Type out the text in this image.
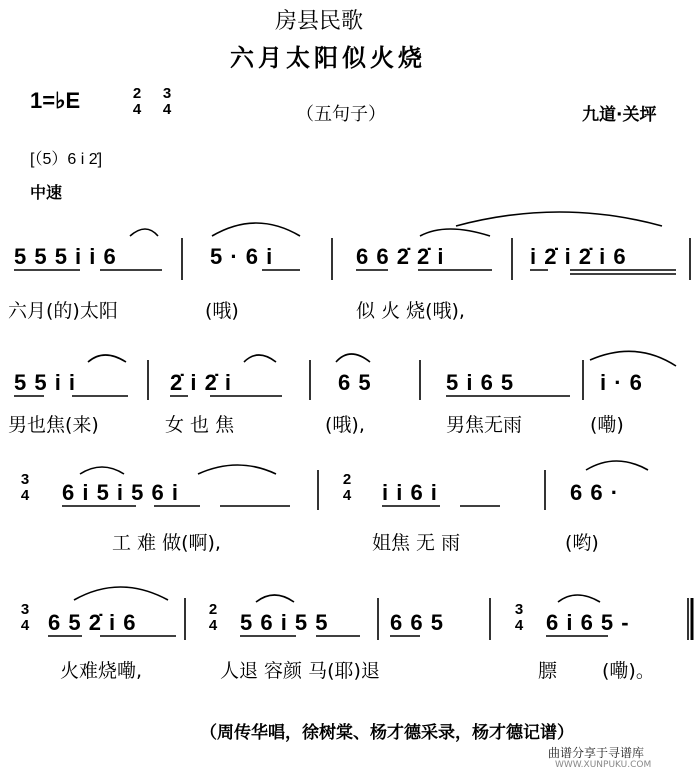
房县民歌
六月太阳似火烧
1=♭E	2 4
3 4	（五句子）	九道·关坪
[（5）6 i 2̇]
中速
5 5 5 i i 6	5 · 6 i	6 6 2̇ 2̇ i	i 2̇ i 2̇ i 6
六月(的)太阳	(哦)	似 火 烧(哦),
5 5 i i	2̇ i 2̇ i	6 5	5 i 6 5	i · 6
男也焦(来)	女 也 焦	(哦),	男焦无雨	(嘞)
3 4 6 i 5 i 5 6 i
2 4 i i 6 i	6 6 ·
工 难 做(啊),	姐焦 无 雨	(哟)
3 4 6 5 2̇ i 6
2 4 5 6 i 5 5	6 6 5
3 4 6 i 6 5 -
火难烧嘞,	人退 容颜 马(耶)退	膘 (嘞)。
（周传华唱，徐树棠、杨才德采录，杨才德记谱）
曲谱分享于寻谱库
WWW.XUNPUKU.COM
